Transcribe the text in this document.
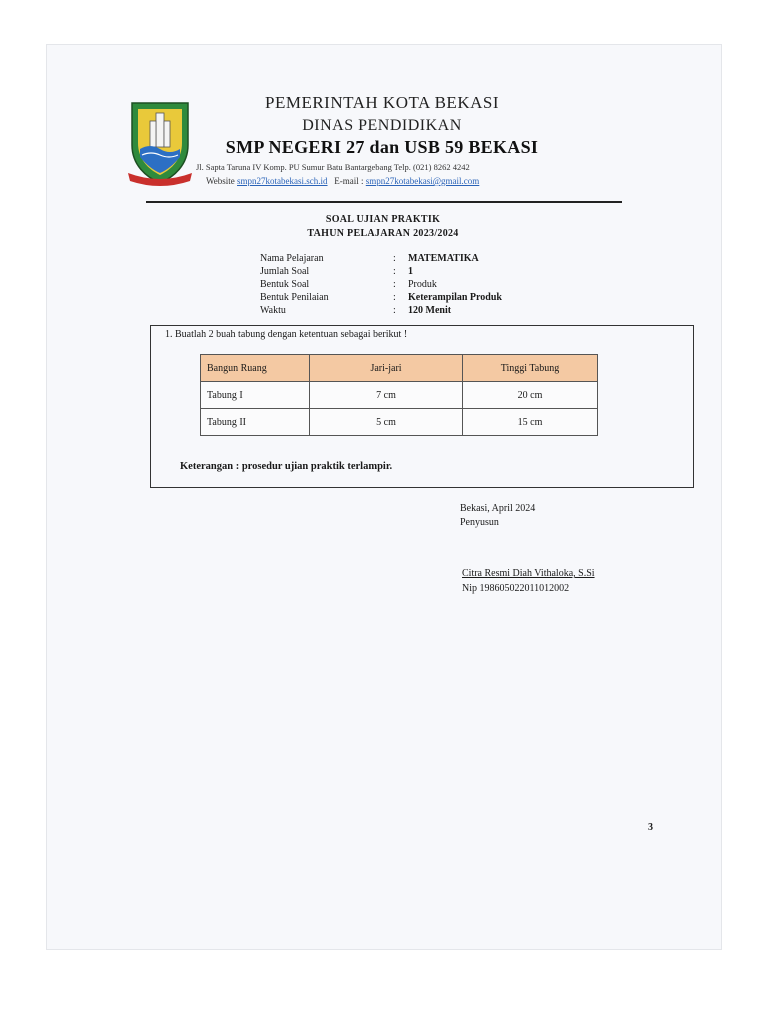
PEMERINTAH KOTA BEKASI
DINAS PENDIDIKAN
SMP NEGERI 27 dan USB 59 BEKASI
Jl. Sapta Taruna IV Komp. PU Sumur Batu Bantargebang Telp. (021) 8262 4242
Website smpn27kotabekasi.sch.id E-mail : smpn27kotabekasi@gmail.com
SOAL UJIAN PRAKTIK
TAHUN PELAJARAN 2023/2024
Nama Pelajaran	:	MATEMATIKA
Jumlah Soal	:	1
Bentuk Soal	:	Produk
Bentuk Penilaian	:	Keterampilan Produk
Waktu	:	120 Menit
1. Buatlah 2 buah tabung dengan ketentuan sebagai berikut !
Bangun Ruang	Jari-jari	Tinggi Tabung
Tabung I	7 cm	20 cm
Tabung II	5 cm	15 cm
Keterangan : prosedur ujian praktik terlampir.
Bekasi, April 2024
Penyusun
Citra Resmi Diah Vithaloka, S.Si
Nip 198605022011012002
3
